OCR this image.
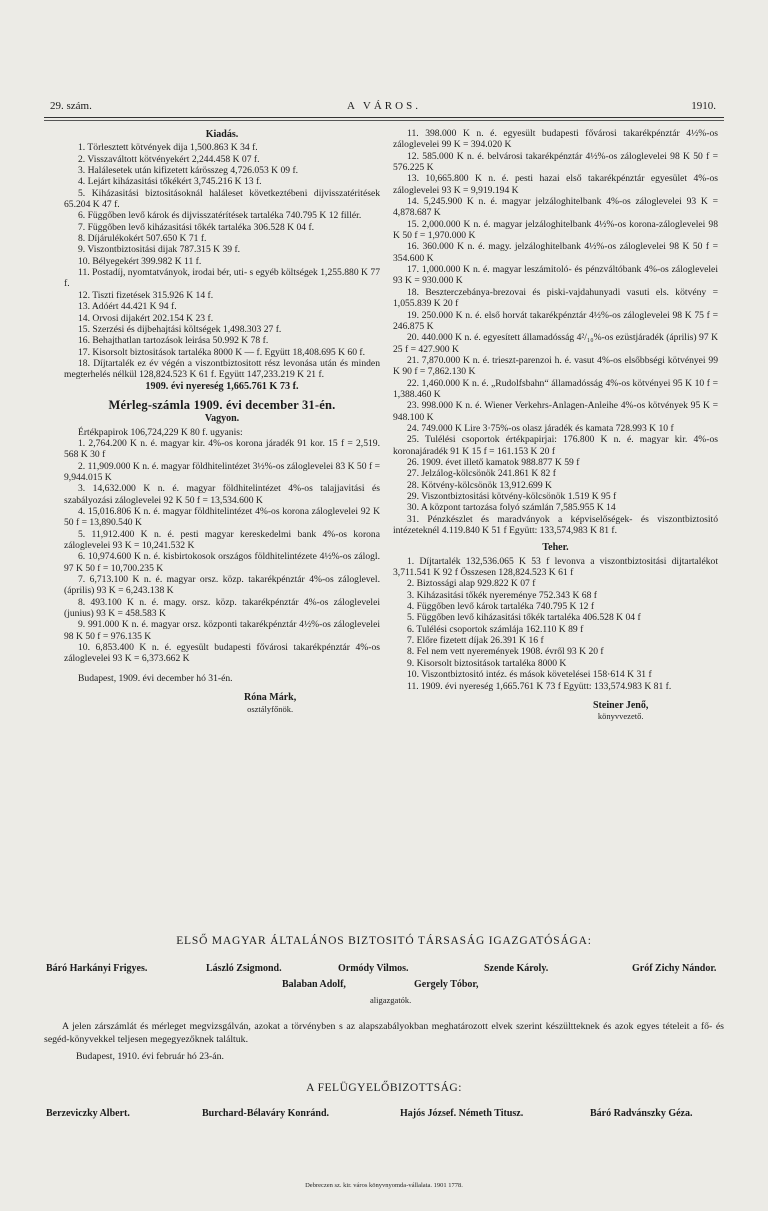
29. szám.	A VÁROS.	1910.

Kiadás.

1. Törlesztett kötvények dija 1,500.863 K 34 f.

2. Visszaváltott kötvényekért 2,244.458 K 07 f.

3. Halálesetek után kifizetett kárösszeg 4,726.053 K 09 f.

4. Lejárt kiházasitási tőkékért 3,745.216 K 13 f.

5. Kiházasitási biztositásoknál haláleset következtébeni dijvisszatéritések 65.204 K 47 f.

6. Függőben levő károk és dijvisszatérítések tartaléka 740.795 K 12 fillér.

7. Függőben levő kiházasitási tőkék tartaléka 306.528 K 04 f.

8. Díjárulékokért 507.650 K 71 f.

9. Viszontbiztositási dijak 787.315 K 39 f.

10. Bélyegekért 399.982 K 11 f.

11. Postadíj, nyomtatványok, irodai bér, uti- s egyéb költségek 1,255.880 K 77 f.

12. Tiszti fizetések 315.926 K 14 f.

13. Adóért 44.421 K 94 f.

14. Orvosi dijakért 202.154 K 23 f.

15. Szerzési és dijbehajtási költségek 1,498.303 27 f.

16. Behajthatlan tartozások leirása 50.992 K 78 f.

17. Kisorsolt biztositások tartaléka 8000 K — f. Együtt 18,408.695 K 60 f.

18. Díjtartalék ez év végén a viszontbiztositott rész levonása után és minden megterhelés nélkül 128,824.523 K 61 f. Együtt 147,233.219 K 21 f.

1909. évi nyereség 1,665.761 K 73 f.

Mérleg-számla 1909. évi december 31-én.

Vagyon.

Értékpapirok 106,724,229 K 80 f. ugyanis:

1. 2,764.200 K n. é. magyar kir. 4%-os korona járadék 91 kor. 15 f = 2,519. 568 K 30 f

2. 11,909.000 K n. é. magyar földhitelintézet 3½%-os záloglevelei 83 K 50 f = 9,944.015 K

3. 14,632.000 K n. é. magyar földhitelintézet 4%-os talajjavitási és szabályozási záloglevelei 92 K 50 f = 13,534.600 K

4. 15,016.806 K n. é. magyar földhitelintézet 4%-os korona záloglevelei 92 K 50 f = 13,890.540 K

5. 11,912.400 K n. é. pesti magyar kereskedelmi bank 4%-os korona záloglevelei 93 K = 10,241.532 K

6. 10,974.600 K n. é. kisbirtokosok országos földhitelintézete 4½%-os zálogl. 97 K 50 f = 10,700.235 K

7. 6,713.100 K n. é. magyar orsz. közp. takarékpénztár 4%-os záloglevel. (április) 93 K = 6,243.138 K

8. 493.100 K n. é. magy. orsz. közp. takarékpénztár 4%-os záloglevelei (junius) 93 K = 458.583 K

9. 991.000 K n. é. magyar orsz. központi takarékpénztár 4½%-os záloglevelei 98 K 50 f = 976.135 K

10. 6,853.400 K n. é. egyesült budapesti fővárosi takarékpénztár 4%-os záloglevelei 93 K = 6,373.662 K

Budapest, 1909. évi december hó 31-én.

Róna Márk,
osztályfőnök.

11. 398.000 K n. é. egyesült budapesti fővárosi takarékpénztár 4½%-os záloglevelei 99 K = 394.020 K

12. 585.000 K n. é. belvárosi takarékpénztár 4½%-os záloglevelei 98 K 50 f = 576.225 K

13. 10,665.800 K n. é. pesti hazai első takarékpénztár egyesület 4%-os záloglevelei 93 K = 9,919.194 K

14. 5,245.900 K n. é. magyar jelzáloghitelbank 4%-os záloglevelei 93 K = 4,878.687 K

15. 2,000.000 K n. é. magyar jelzáloghitelbank 4½%-os korona-záloglevelei 98 K 50 f = 1,970.000 K

16. 360.000 K n. é. magy. jelzáloghitelbank 4½%-os záloglevelei 98 K 50 f = 354.600 K

17. 1,000.000 K n. é. magyar leszámitoló- és pénzváltóbank 4%-os záloglevelei 93 K = 930.000 K

18. Beszterczebánya-brezovai és piski-vajdahunyadi vasuti els. kötvény = 1,055.839 K 20 f

19. 250.000 K n. é. első horvát takarékpénztár 4½%-os záloglevelei 98 K 75 f = 246.875 K

20. 440.000 K n. é. egyesített államadósság 4²/₁₀%-os ezüstjáradék (április) 97 K 25 f = 427.900 K

21. 7,870.000 K n. é. trieszt-parenzoi h. é. vasut 4%-os elsőbbségi kötvényei 99 K 90 f = 7,862.130 K

22. 1,460.000 K n. é. „Rudolfsbahn“ államadósság 4%-os kötvényei 95 K 10 f = 1,388.460 K

23. 998.000 K n. é. Wiener Verkehrs-Anlagen-Anleihe 4%-os kötvények 95 K = 948.100 K

24. 749.000 K Lire 3·75%-os olasz járadék és kamata 728.993 K 10 f

25. Tulélési csoportok értékpapirjai: 176.800 K n. é. magyar kir. 4%-os koronajáradék 91 K 15 f = 161.153 K 20 f

26. 1909. évet illető kamatok 988.877 K 59 f

27. Jelzálog-kölcsönök 241.861 K 82 f

28. Kötvény-kölcsönök 13,912.699 K

29. Viszontbiztositási kötvény-kölcsönök 1.519 K 95 f

30. A központ tartozása folyó számlán 7,585.955 K 14

31. Pénzkészlet és maradványok a képviselőségek- és viszontbiztositó intézeteknél 4.119.840 K 51 f Együtt: 133,574,983 K 81 f.

Teher.

1. Díjtartalék 132,536.065 K 53 f levonva a viszontbiztositási dijtartalékot 3,711.541 K 92 f Összesen 128,824.523 K 61 f

2. Biztossági alap 929.822 K 07 f

3. Kiházasitási tőkék nyereménye 752.343 K 68 f

4. Függőben levő károk tartaléka 740.795 K 12 f

5. Függőben levő kiházasitási tőkék tartaléka 406.528 K 04 f

6. Tulélési csoportok számlája 162.110 K 89 f

7. Előre fizetett díjak 26.391 K 16 f

8. Fel nem vett nyeremények 1908. évről 93 K 20 f

9. Kisorsolt biztositások tartaléka 8000 K

10. Viszontbiztositó intéz. és mások követelései 158·614 K 31 f

11. 1909. évi nyereség 1,665.761 K 73 f Együtt: 133,574.983 K 81 f.

Steiner Jenő,
könyvvezető.
ELSŐ MAGYAR ÁLTALÁNOS BIZTOSITÓ TÁRSASÁG IGAZGATÓSÁGA:
Báró Harkányi Frigyes.	László Zsigmond.	Ormódy Vilmos.	Szende Károly.	Gróf Zichy Nándor.
Balaban Adolf,	Gergely Tóbor,
aligazgatók.

A jelen zárszámlát és mérleget megvizsgálván, azokat a törvényben s az alapszabályokban meghatározott elvek szerint készültteknek és azok egyes tételeit a fő- és segéd-könyvekkel teljesen megegyezőknek találtuk.

Budapest, 1910. évi február hó 23-án.
A FELÜGYELŐBIZOTTSÁG:
Berzeviczky Albert.	Burchard-Bélaváry Konránd.	Hajós József. Németh Titusz.	Báró Radvánszky Géza.
Debreczen sz. kir. város könyvnyomda-vállalata. 1901 1778.
